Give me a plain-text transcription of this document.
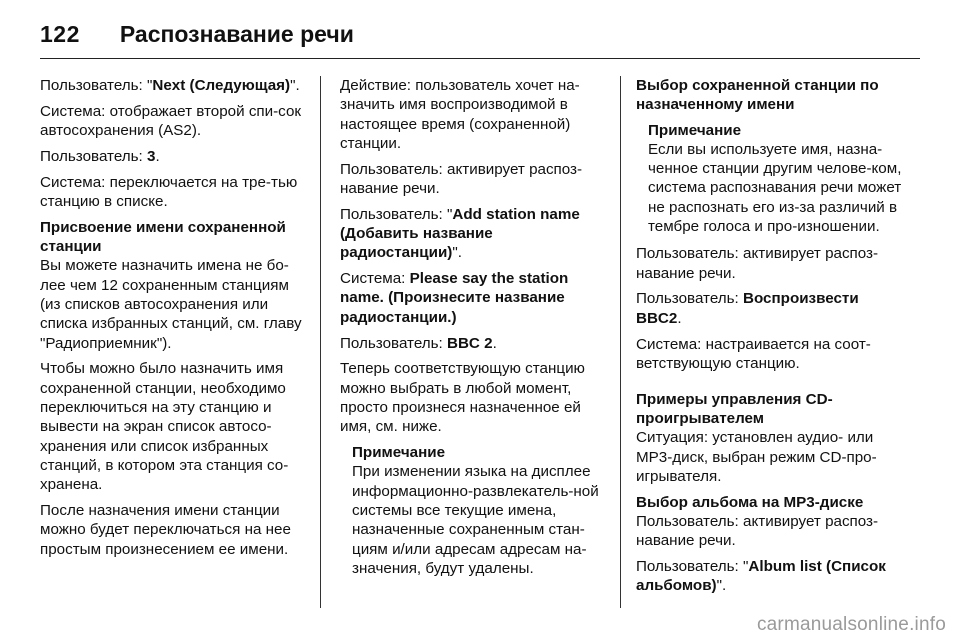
122 Распознавание речи

Пользователь: "Next (Следующая)".

Система: отображает второй спи-сок автосохранения (AS2).

Пользователь: 3.

Система: переключается на тре-тью станцию в списке.

Присвоение имени сохраненной станции

Вы можете назначить имена не бо-лее чем 12 сохраненным станциям (из списков автосохранения или списка избранных станций, см. главу "Радиоприемник").

Чтобы можно было назначить имя сохраненной станции, необходимо переключиться на эту станцию и вывести на экран список автосо-хранения или список избранных станций, в котором эта станция со-хранена.

После назначения имени станции можно будет переключаться на нее простым произнесением ее имени.

Действие: пользователь хочет на-значить имя воспроизводимой в настоящее время (сохраненной) станции.

Пользователь: активирует распоз-навание речи.

Пользователь: "Add station name (Добавить название радиостанции)".

Система: Please say the station name. (Произнесите название радиостанции.)

Пользователь: BBC 2.

Теперь соответствующую станцию можно выбрать в любой момент, просто произнеся назначенное ей имя, см. ниже.

Примечание
При изменении языка на дисплее информационно-развлекатель-ной системы все текущие имена, назначенные сохраненным стан-циям и/или адресам адресам на-значения, будут удалены.
Выбор сохраненной станции по назначенному имени
Примечание
Если вы используете имя, назна-ченное станции другим челове-ком, система распознавания речи может не распознать его из-за различий в тембре голоса и про-изношении.

Пользователь: активирует распоз-навание речи.

Пользователь: Воспроизвести BBC2.

Система: настраивается на соот-ветствующую станцию.

Примеры управления CD-проигрывателем

Ситуация: установлен аудио- или MP3-диск, выбран режим CD-про-игрывателя.

Выбор альбома на MP3-диске

Пользователь: активирует распоз-навание речи.

Пользователь: "Album list (Список альбомов)".

carmanualsonline.info
